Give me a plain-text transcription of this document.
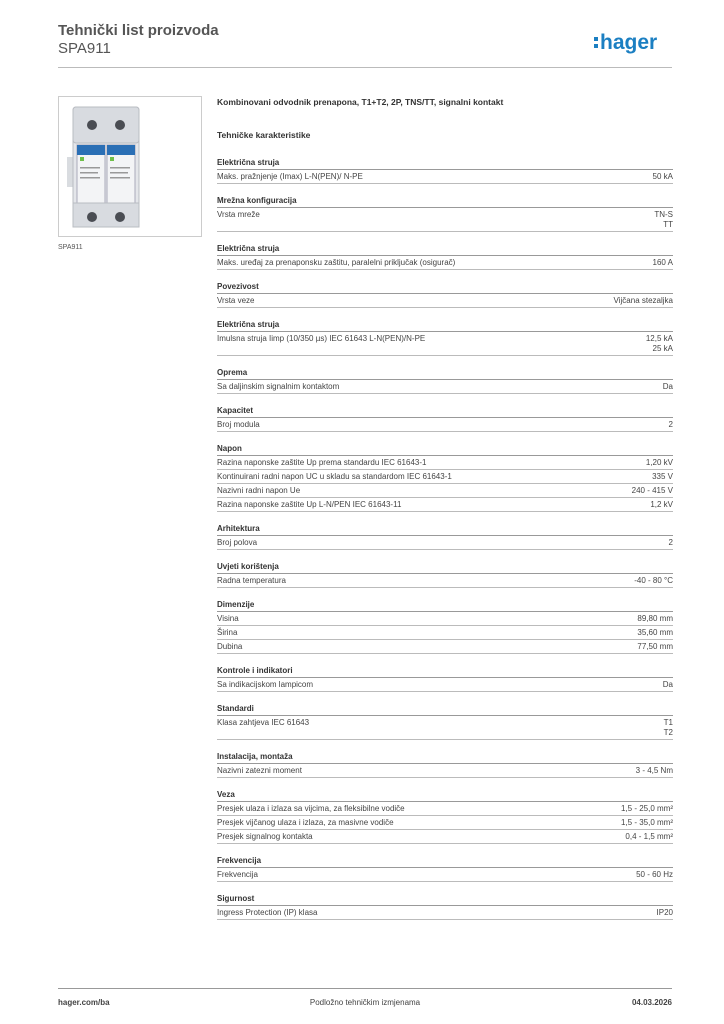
Tehnički list proizvoda
SPA911	hager
SPA911
Kombinovani odvodnik prenapona, T1+T2, 2P, TNS/TT, signalni kontakt
Tehničke karakteristike
Električna struja
Maks. pražnjenje (Imax) L-N(PEN)/ N-PE	50 kA
Mrežna konfiguracija
Vrsta mreže	TN-S
TT
Električna struja
Maks. uređaj za prenaponsku zaštitu, paralelni priključak (osigurač)	160 A
Povezivost
Vrsta veze	Vijčana stezaljka
Električna struja
Imulsna struja Iimp (10/350 µs) IEC 61643 L-N(PEN)/N-PE	12,5 kA
25 kA
Oprema
Sa daljinskim signalnim kontaktom	Da
Kapacitet
Broj modula	2
Napon
Razina naponske zaštite Up prema standardu IEC 61643-1	1,20 kV
Kontinuirani radni napon UC u skladu sa standardom IEC 61643-1	335 V
Nazivni radni napon Ue	240 - 415 V
Razina naponske zaštite Up L-N/PEN IEC 61643-11	1,2 kV
Arhitektura
Broj polova	2
Uvjeti korištenja
Radna temperatura	-40 - 80 °C
Dimenzije
Visina	89,80 mm
Širina	35,60 mm
Dubina	77,50 mm
Kontrole i indikatori
Sa indikacijskom lampicom	Da
Standardi
Klasa zahtjeva IEC 61643	T1
T2
Instalacija, montaža
Nazivni zatezni moment	3 - 4,5 Nm
Veza
Presjek ulaza i izlaza sa vijcima, za fleksibilne vodiče	1,5 - 25,0 mm²
Presjek vijčanog ulaza i izlaza, za masivne vodiče	1,5 - 35,0 mm²
Presjek signalnog kontakta	0,4 - 1,5 mm²
Frekvencija
Frekvencija	50 - 60 Hz
Sigurnost
Ingress Protection (IP) klasa	IP20
hager.com/ba	Podložno tehničkim izmjenama	04.03.2026
